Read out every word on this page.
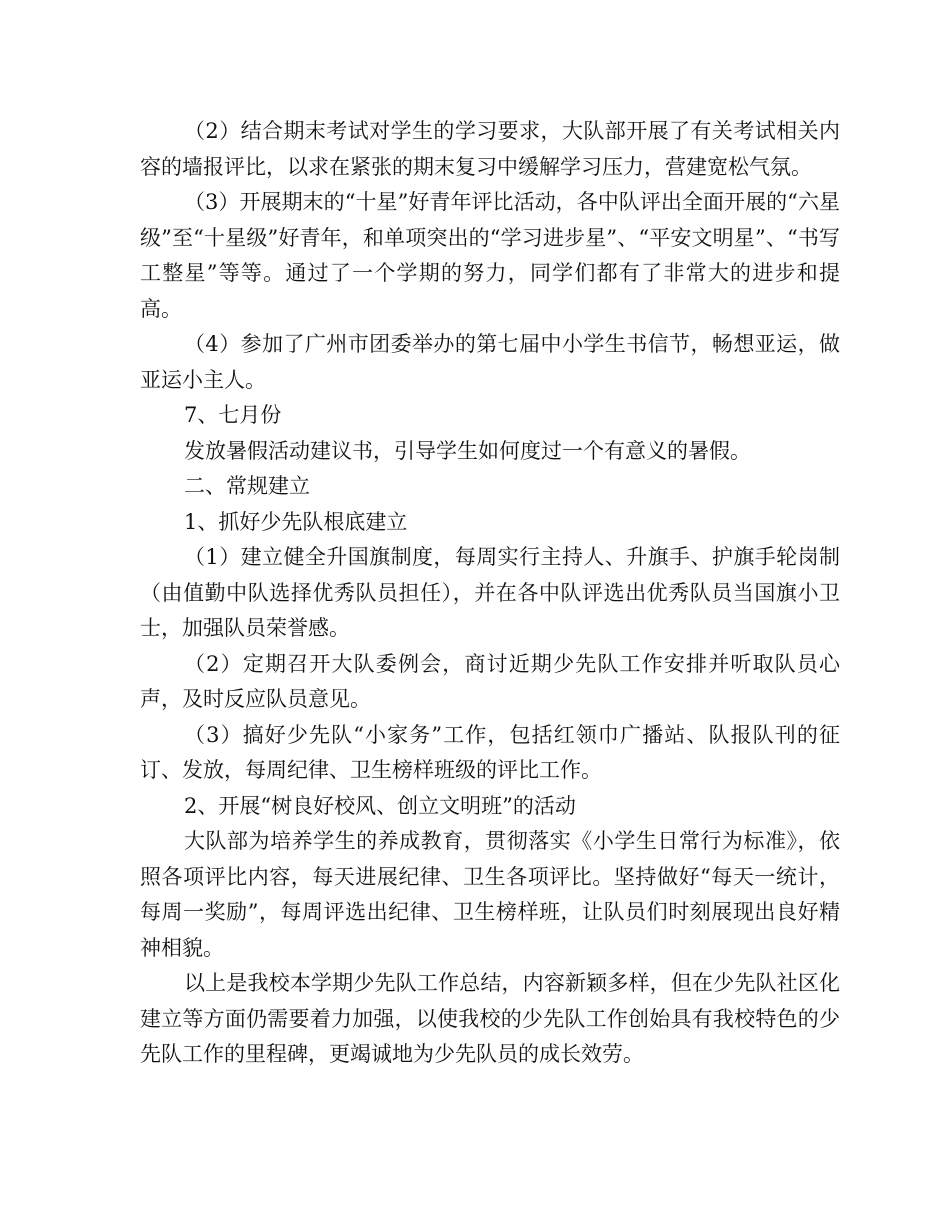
（2）结合期末考试对学生的学习要求，大队部开展了有关考试相关内容的墙报评比，以求在紧张的期末复习中缓解学习压力，营建宽松气氛。

（3）开展期末的“十星”好青年评比活动，各中队评出全面开展的“六星级”至“十星级”好青年，和单项突出的“学习进步星”、“平安文明星”、“书写工整星”等等。通过了一个学期的努力，同学们都有了非常大的进步和提高。

（4）参加了广州市团委举办的第七届中小学生书信节，畅想亚运，做亚运小主人。

7、七月份

发放暑假活动建议书，引导学生如何度过一个有意义的暑假。

二、常规建立

1、抓好少先队根底建立

（1）建立健全升国旗制度，每周实行主持人、升旗手、护旗手轮岗制（由值勤中队选择优秀队员担任），并在各中队评选出优秀队员当国旗小卫士，加强队员荣誉感。

（2）定期召开大队委例会，商讨近期少先队工作安排并听取队员心声，及时反应队员意见。

（3）搞好少先队“小家务”工作，包括红领巾广播站、队报队刊的征订、发放，每周纪律、卫生榜样班级的评比工作。

2、开展“树良好校风、创立文明班”的活动

大队部为培养学生的养成教育，贯彻落实《小学生日常行为标准》，依照各项评比内容，每天进展纪律、卫生各项评比。坚持做好“每天一统计，每周一奖励”，每周评选出纪律、卫生榜样班，让队员们时刻展现出良好精神相貌。

以上是我校本学期少先队工作总结，内容新颖多样，但在少先队社区化建立等方面仍需要着力加强，以使我校的少先队工作创始具有我校特色的少先队工作的里程碑，更竭诚地为少先队员的成长效劳。
